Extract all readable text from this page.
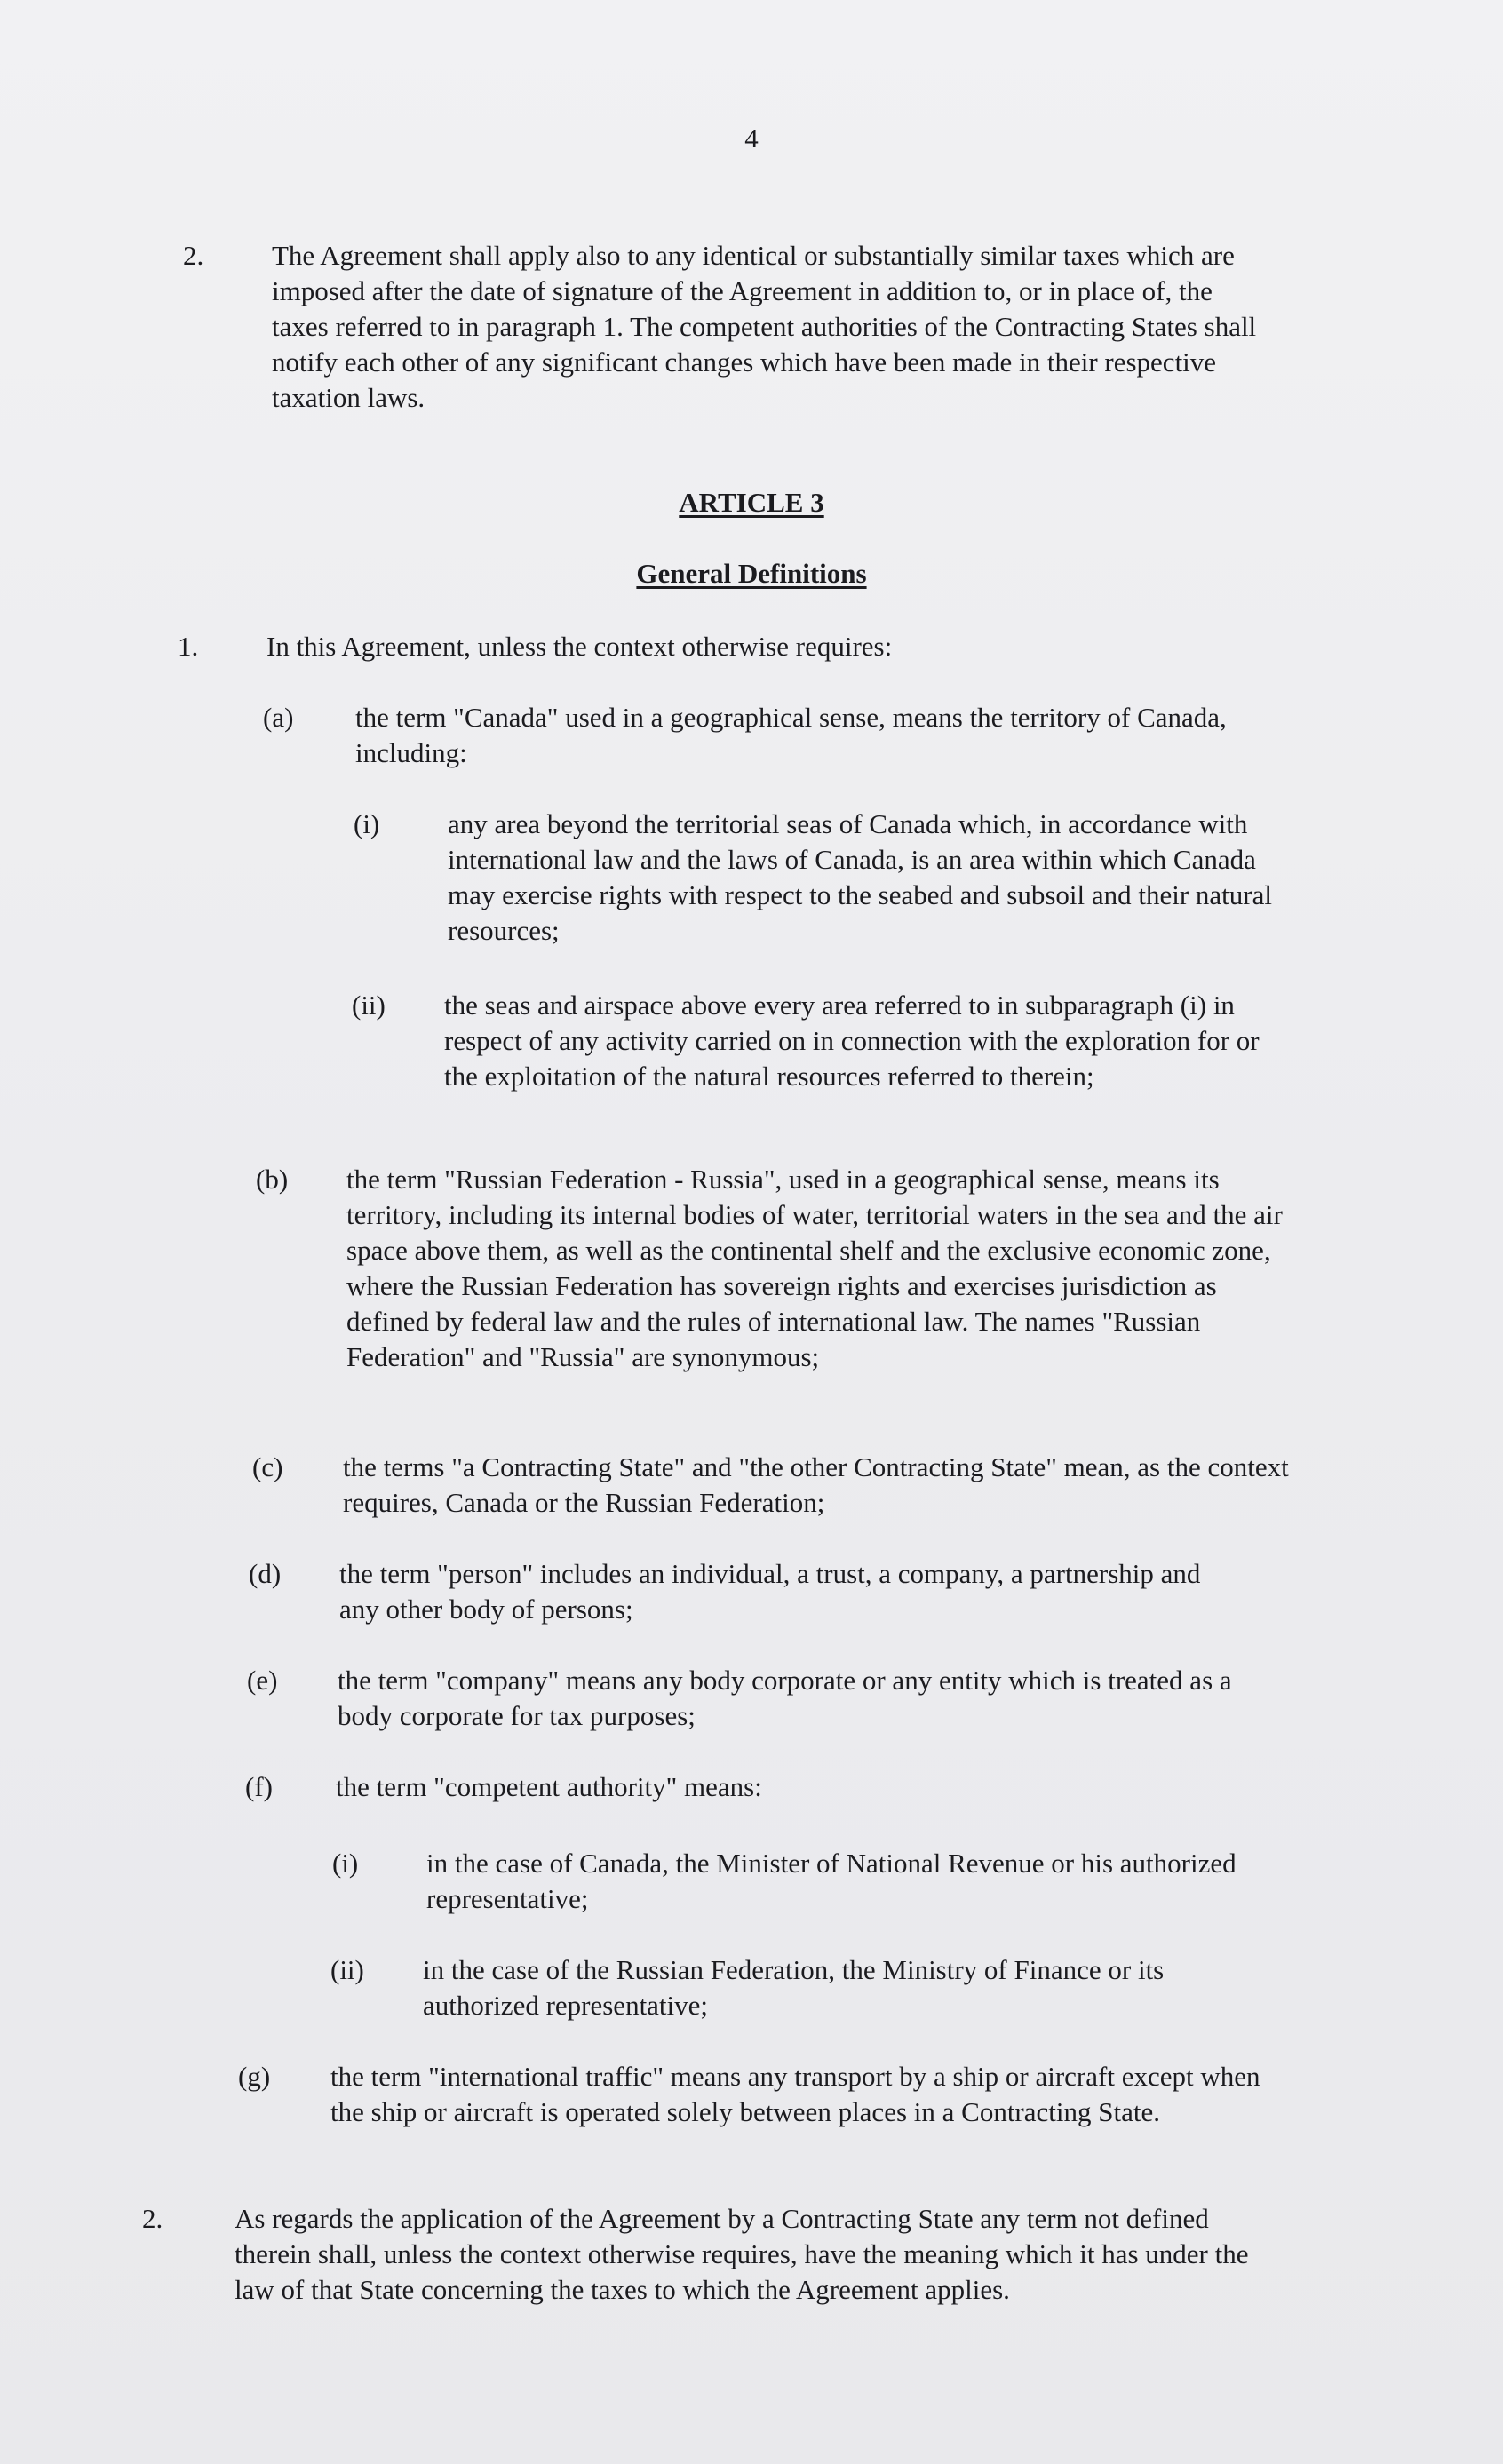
4
2. The Agreement shall apply also to any identical or substantially similar taxes which are imposed after the date of signature of the Agreement in addition to, or in place of, the taxes referred to in paragraph 1. The competent authorities of the Contracting States shall notify each other of any significant changes which have been made in their respective taxation laws.
ARTICLE 3
General Definitions
1. In this Agreement, unless the context otherwise requires:
(a) the term "Canada" used in a geographical sense, means the territory of Canada, including:
(i) any area beyond the territorial seas of Canada which, in accordance with international law and the laws of Canada, is an area within which Canada may exercise rights with respect to the seabed and subsoil and their natural resources;
(ii) the seas and airspace above every area referred to in subparagraph (i) in respect of any activity carried on in connection with the exploration for or the exploitation of the natural resources referred to therein;
(b) the term "Russian Federation - Russia", used in a geographical sense, means its territory, including its internal bodies of water, territorial waters in the sea and the air space above them, as well as the continental shelf and the exclusive economic zone, where the Russian Federation has sovereign rights and exercises jurisdiction as defined by federal law and the rules of international law. The names "Russian Federation" and "Russia" are synonymous;
(c) the terms "a Contracting State" and "the other Contracting State" mean, as the context requires, Canada or the Russian Federation;
(d) the term "person" includes an individual, a trust, a company, a partnership and any other body of persons;
(e) the term "company" means any body corporate or any entity which is treated as a body corporate for tax purposes;
(f) the term "competent authority" means:
(i) in the case of Canada, the Minister of National Revenue or his authorized representative;
(ii) in the case of the Russian Federation, the Ministry of Finance or its authorized representative;
(g) the term "international traffic" means any transport by a ship or aircraft except when the ship or aircraft is operated solely between places in a Contracting State.
2.	As regards the application of the Agreement by a Contracting State any term not defined therein shall, unless the context otherwise requires, have the meaning which it has under the law of that State concerning the taxes to which the Agreement applies.
